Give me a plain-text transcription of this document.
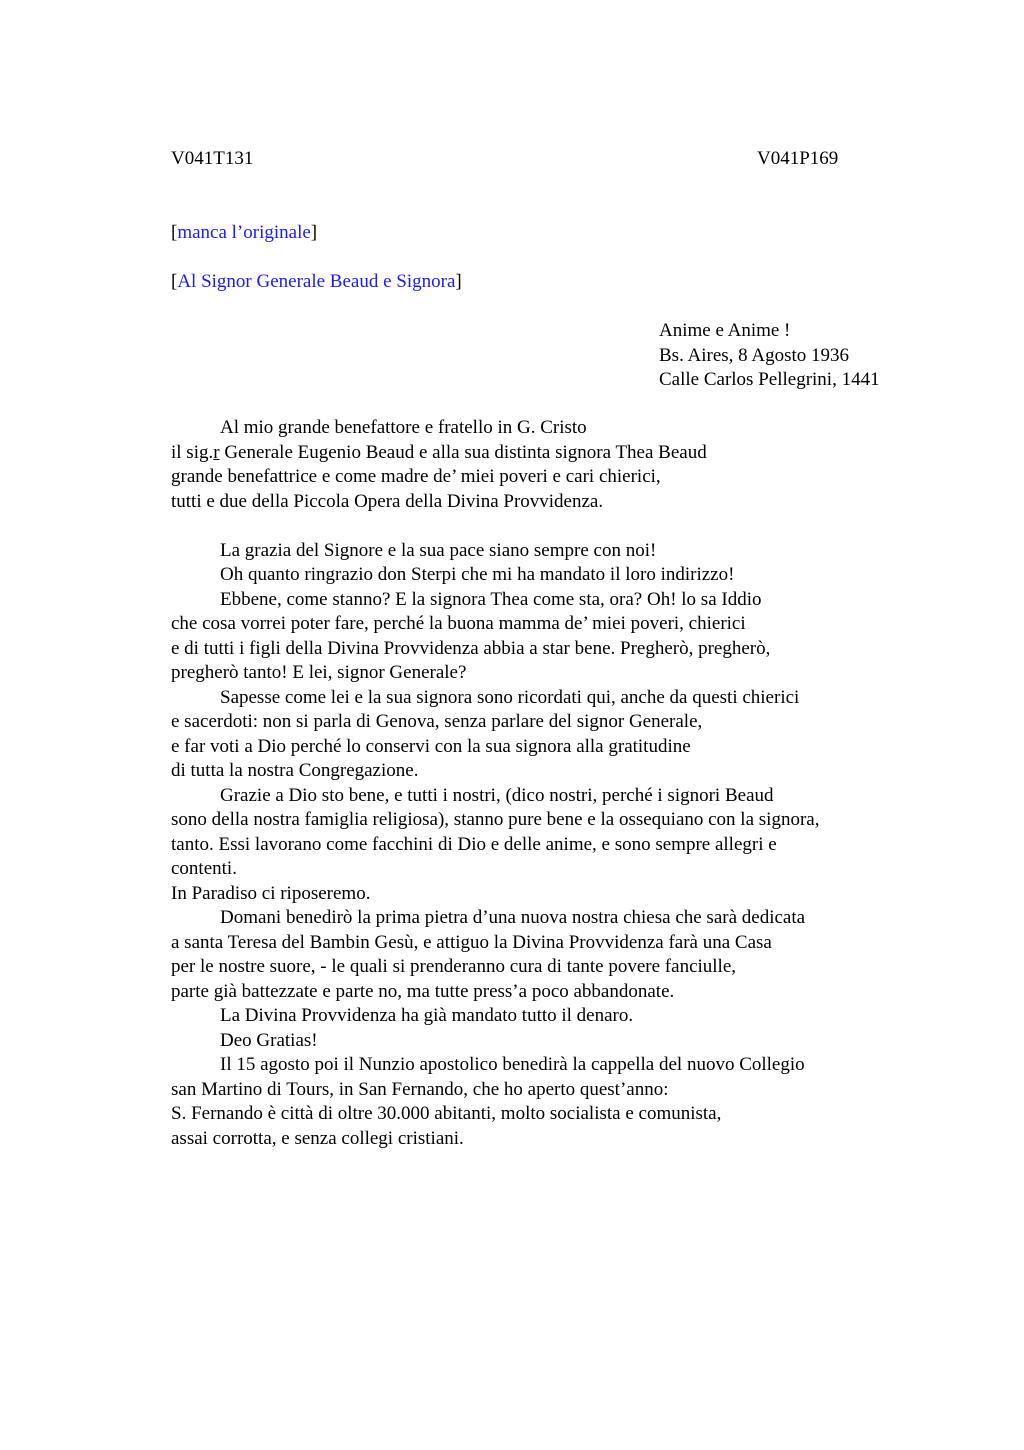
V041T131	V041P169
[manca l’originale]
[Al Signor Generale Beaud e Signora]
Anime e Anime !
Bs. Aires, 8 Agosto 1936
Calle Carlos Pellegrini, 1441
Al mio grande benefattore e fratello in G. Cristo
il sig.r Generale Eugenio Beaud e alla sua distinta signora Thea Beaud
grande benefattrice e come madre de’ miei poveri e cari chierici,
tutti e due della Piccola Opera della Divina Provvidenza.
La grazia del Signore e la sua pace siano sempre con noi!
Oh quanto ringrazio don Sterpi che mi ha mandato il loro indirizzo!
Ebbene, come stanno? E la signora Thea come sta, ora? Oh! lo sa Iddio
che cosa vorrei poter fare, perché la buona mamma de’ miei poveri, chierici
e di tutti i figli della Divina Provvidenza abbia a star bene. Pregherò, pregherò,
pregherò tanto! E lei, signor Generale?
Sapesse come lei e la sua signora sono ricordati qui, anche da questi chierici
e sacerdoti: non si parla di Genova, senza parlare del signor Generale,
e far voti a Dio perché lo conservi con la sua signora alla gratitudine
di tutta la nostra Congregazione.
Grazie a Dio sto bene, e tutti i nostri, (dico nostri, perché i signori Beaud
sono della nostra famiglia religiosa), stanno pure bene e la ossequiano con la signora,
tanto. Essi lavorano come facchini di Dio e delle anime, e sono sempre allegri e
contenti.
In Paradiso ci riposeremo.
Domani benedirò la prima pietra d’una nuova nostra chiesa che sarà dedicata
a santa Teresa del Bambin Gesù, e attiguo la Divina Provvidenza farà una Casa
per le nostre suore, - le quali si prenderanno cura di tante povere fanciulle,
parte già battezzate e parte no, ma tutte press’a poco abbandonate.
La Divina Provvidenza ha già mandato tutto il denaro.
Deo Gratias!
Il 15 agosto poi il Nunzio apostolico benedirà la cappella del nuovo Collegio
san Martino di Tours, in San Fernando, che ho aperto quest’anno:
S. Fernando è città di oltre 30.000 abitanti, molto socialista e comunista,
assai corrotta, e senza collegi cristiani.
